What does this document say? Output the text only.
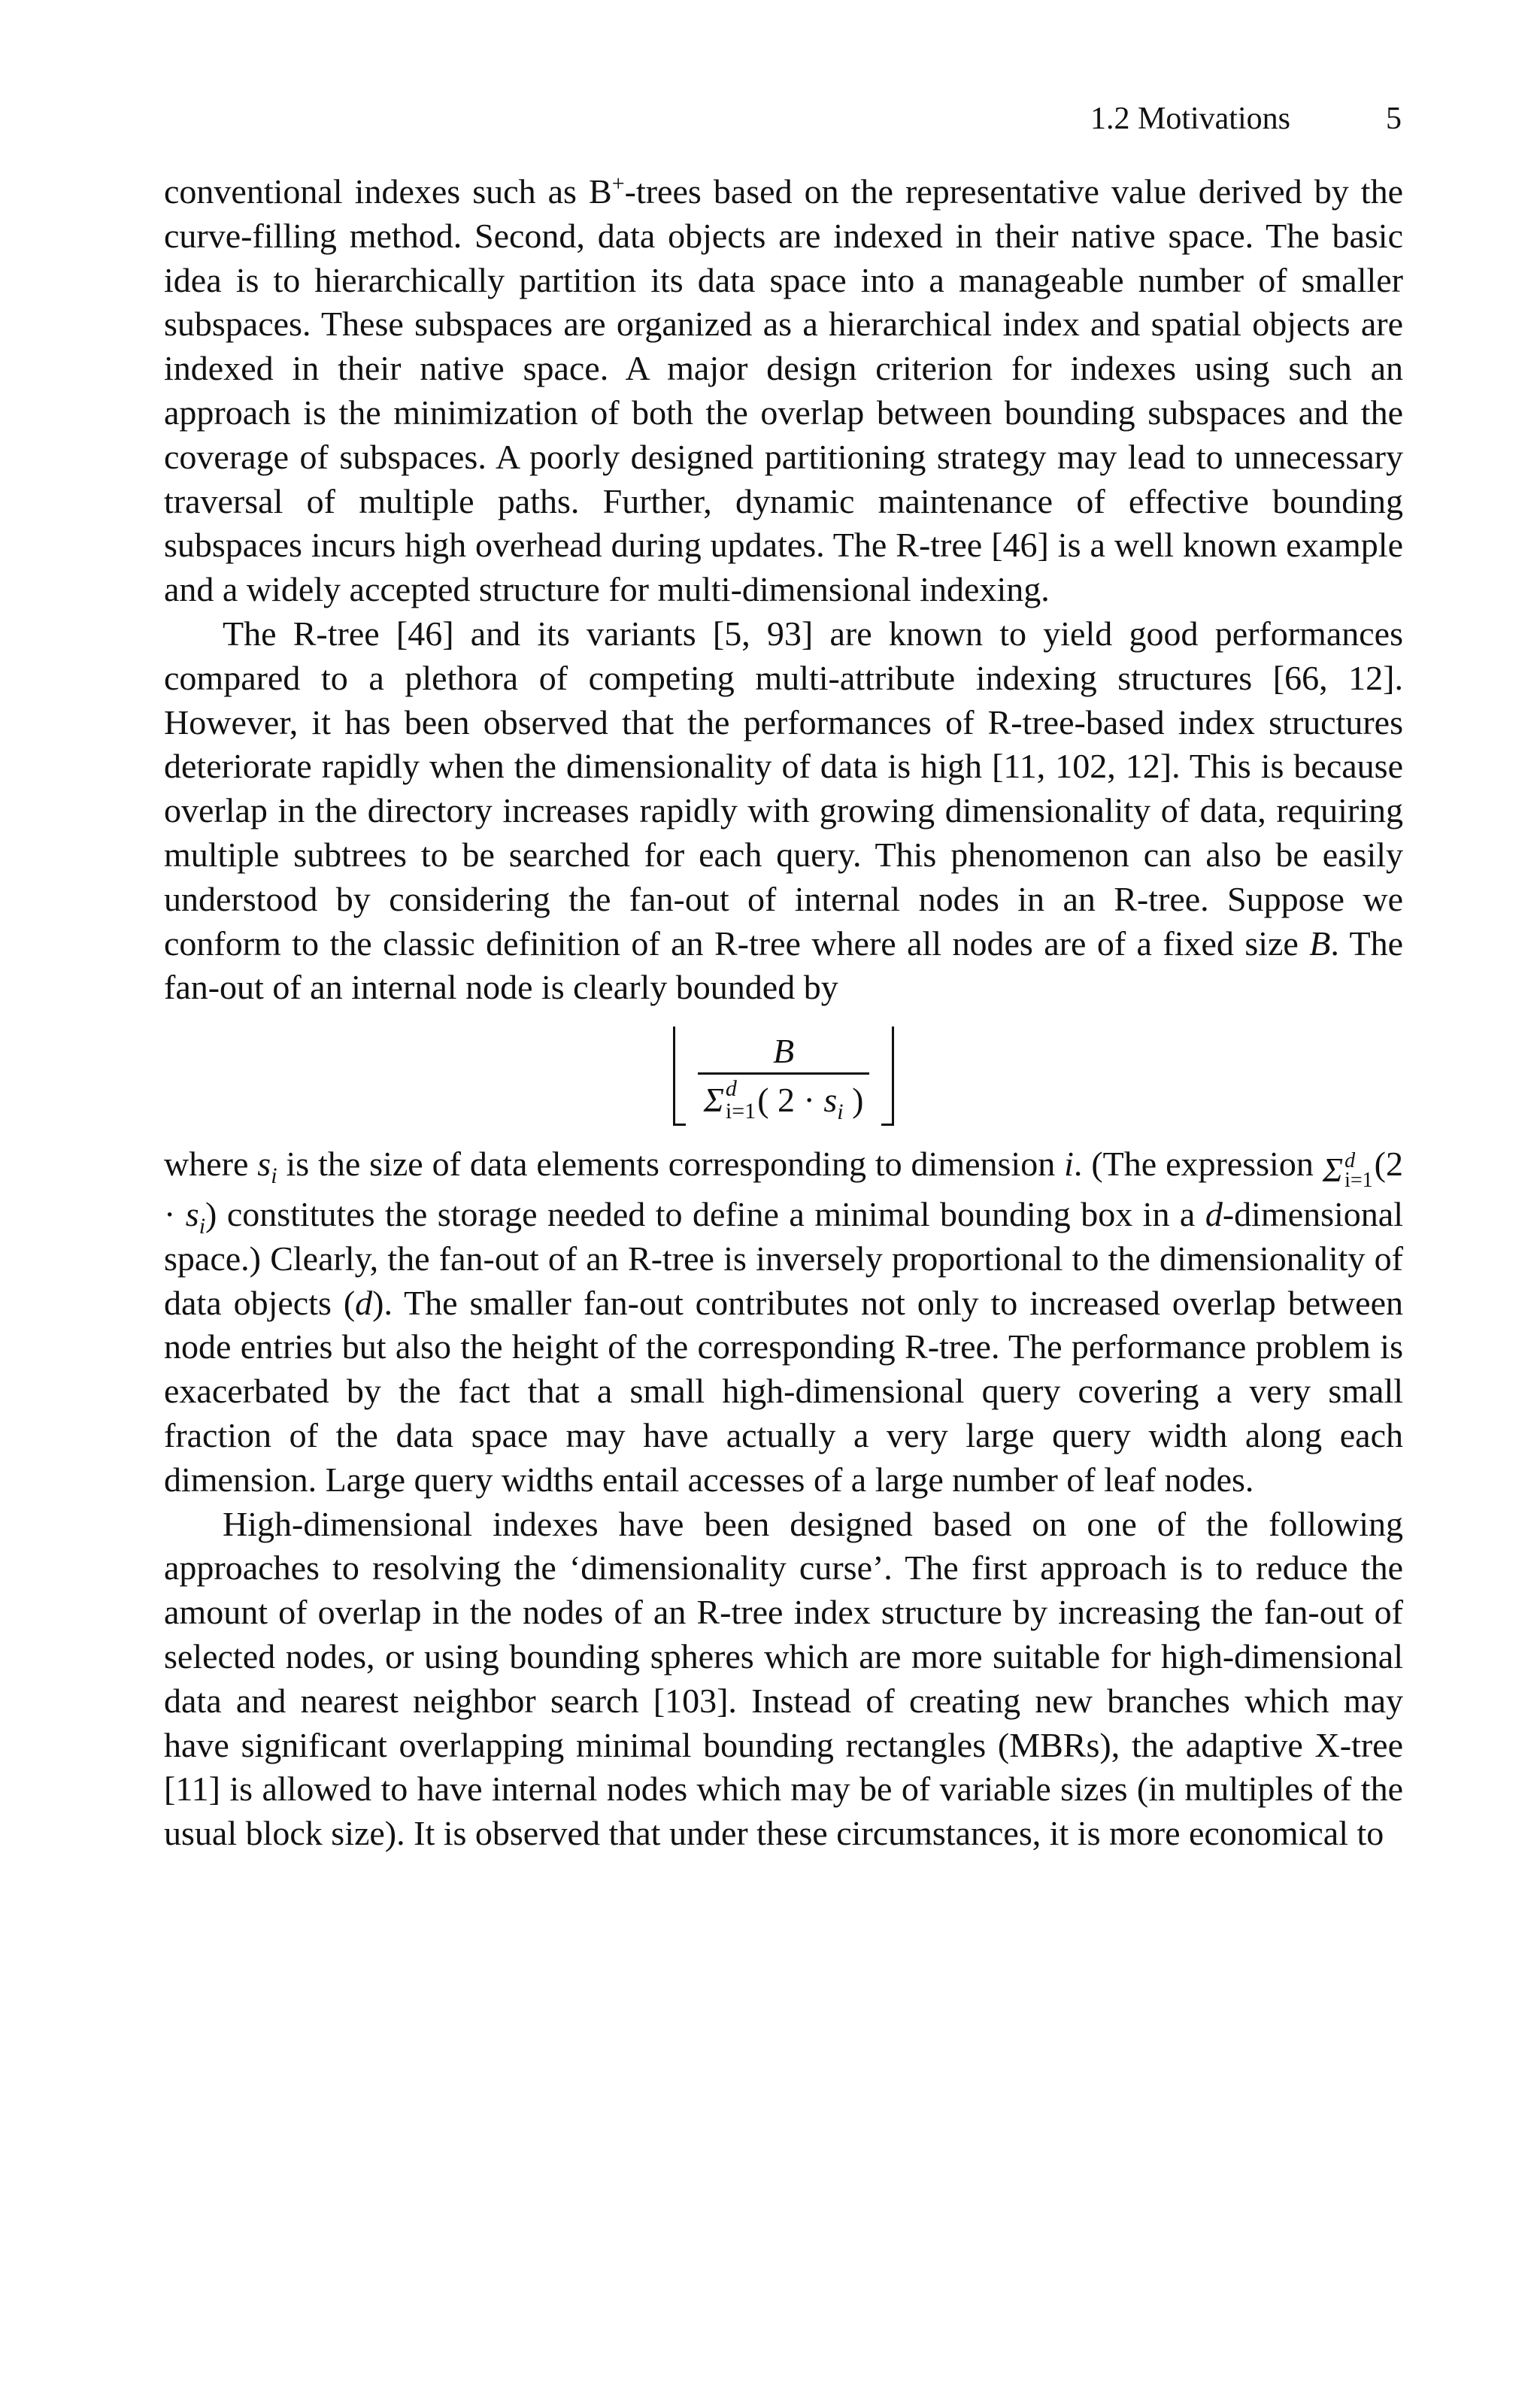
1.2 Motivations	5

conventional indexes such as B+-trees based on the representative value derived by the curve-filling method. Second, data objects are indexed in their native space. The basic idea is to hierarchically partition its data space into a manageable number of smaller subspaces. These subspaces are organized as a hierarchical index and spatial objects are indexed in their native space. A major design criterion for indexes using such an approach is the minimization of both the overlap between bounding subspaces and the coverage of subspaces. A poorly designed partitioning strategy may lead to unnecessary traversal of multiple paths. Further, dynamic maintenance of effective bounding subspaces incurs high overhead during updates. The R-tree [46] is a well known example and a widely accepted structure for multi-dimensional indexing.

The R-tree [46] and its variants [5, 93] are known to yield good performances compared to a plethora of competing multi-attribute indexing structures [66, 12]. However, it has been observed that the performances of R-tree-based index structures deteriorate rapidly when the dimensionality of data is high [11, 102, 12]. This is because overlap in the directory increases rapidly with growing dimensionality of data, requiring multiple subtrees to be searched for each query. This phenomenon can also be easily understood by considering the fan-out of internal nodes in an R-tree. Suppose we conform to the classic definition of an R-tree where all nodes are of a fixed size B. The fan-out of an internal node is clearly bounded by

B
Σ d
i=1 ( $2 \cdot s_i$ )

where $s_i$ is the size of data elements corresponding to dimension i. (The expression Σ d
i=1 $(2 \cdot s_i)$ constitutes the storage needed to define a minimal bounding box in a d-dimensional space.) Clearly, the fan-out of an R-tree is inversely proportional to the dimensionality of data objects (d). The smaller fan-out contributes not only to increased overlap between node entries but also the height of the corresponding R-tree. The performance problem is exacerbated by the fact that a small high-dimensional query covering a very small fraction of the data space may have actually a very large query width along each dimension. Large query widths entail accesses of a large number of leaf nodes.

High-dimensional indexes have been designed based on one of the following approaches to resolving the ‘dimensionality curse’. The first approach is to reduce the amount of overlap in the nodes of an R-tree index structure by increasing the fan-out of selected nodes, or using bounding spheres which are more suitable for high-dimensional data and nearest neighbor search [103]. Instead of creating new branches which may have significant overlapping minimal bounding rectangles (MBRs), the adaptive X-tree [11] is allowed to have internal nodes which may be of variable sizes (in multiples of the usual block size). It is observed that under these circumstances, it is more economical to
